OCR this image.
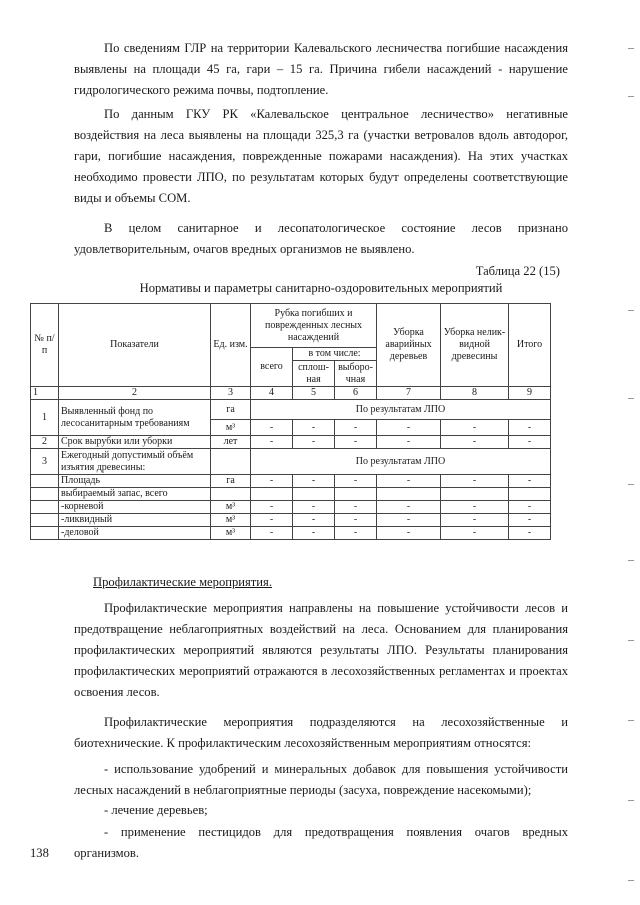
По сведениям ГЛР на территории Калевальского лесничества погибшие насаждения выявлены на площади 45 га, гари – 15 га. Причина гибели насаждений - нарушение гидрологического режима почвы, подтопление.

По данным ГКУ РК «Калевальское центральное лесничество» негативные воздействия на леса выявлены на площади 325,3 га (участки ветровалов вдоль автодорог, гари, погибшие насаждения, поврежденные пожарами насаждения). На этих участках необходимо провести ЛПО, по результатам которых будут определены соответствующие виды и объемы СОМ.

В целом санитарное и лесопатологическое состояние лесов признано удовлетворительным, очагов вредных организмов не выявлено.

Таблица 22 (15)
Нормативы и параметры санитарно-оздоровительных мероприятий
№ п/п	Показатели	Ед. изм.	Рубка погибших и поврежденных лесных насаждений			Уборка аварийных деревьев	Уборка нелик-видной древесины	Итого
			всего	в том числе:				
				сплош-ная	выборо-чная			
1	2	3	4	5	6	7	8	9
1	Выявленный фонд по лесосанитарным требованиям	га	По результатам ЛПО					
		м³	-	-	-	-	-	-
2	Срок вырубки или уборки	лет	-	-	-	-	-	-
3	Ежегодный допустимый объём изъятия древесины:		По результатам ЛПО					
	Площадь	га	-	-	-	-	-	-
	выбираемый запас, всего							
	-корневой	м³	-	-	-	-	-	-
	-ликвидный	м³	-	-	-	-	-	-
	-деловой	м³	-	-	-	-	-	-
Профилактические мероприятия.

Профилактические мероприятия направлены на повышение устойчивости лесов и предотвращение неблагоприятных воздействий на леса. Основанием для планирования профилактических мероприятий являются результаты ЛПО. Результаты планирования профилактических мероприятий отражаются в лесохозяйственных регламентах и проектах освоения лесов.

Профилактические мероприятия подразделяются на лесохозяйственные и биотехнические. К профилактическим лесохозяйственным мероприятиям относятся:

- использование удобрений и минеральных добавок для повышения устойчивости лесных насаждений в неблагоприятные периоды (засуха, повреждение насекомыми);
- лечение деревьев;
- применение пестицидов для предотвращения появления очагов вредных организмов.
138
